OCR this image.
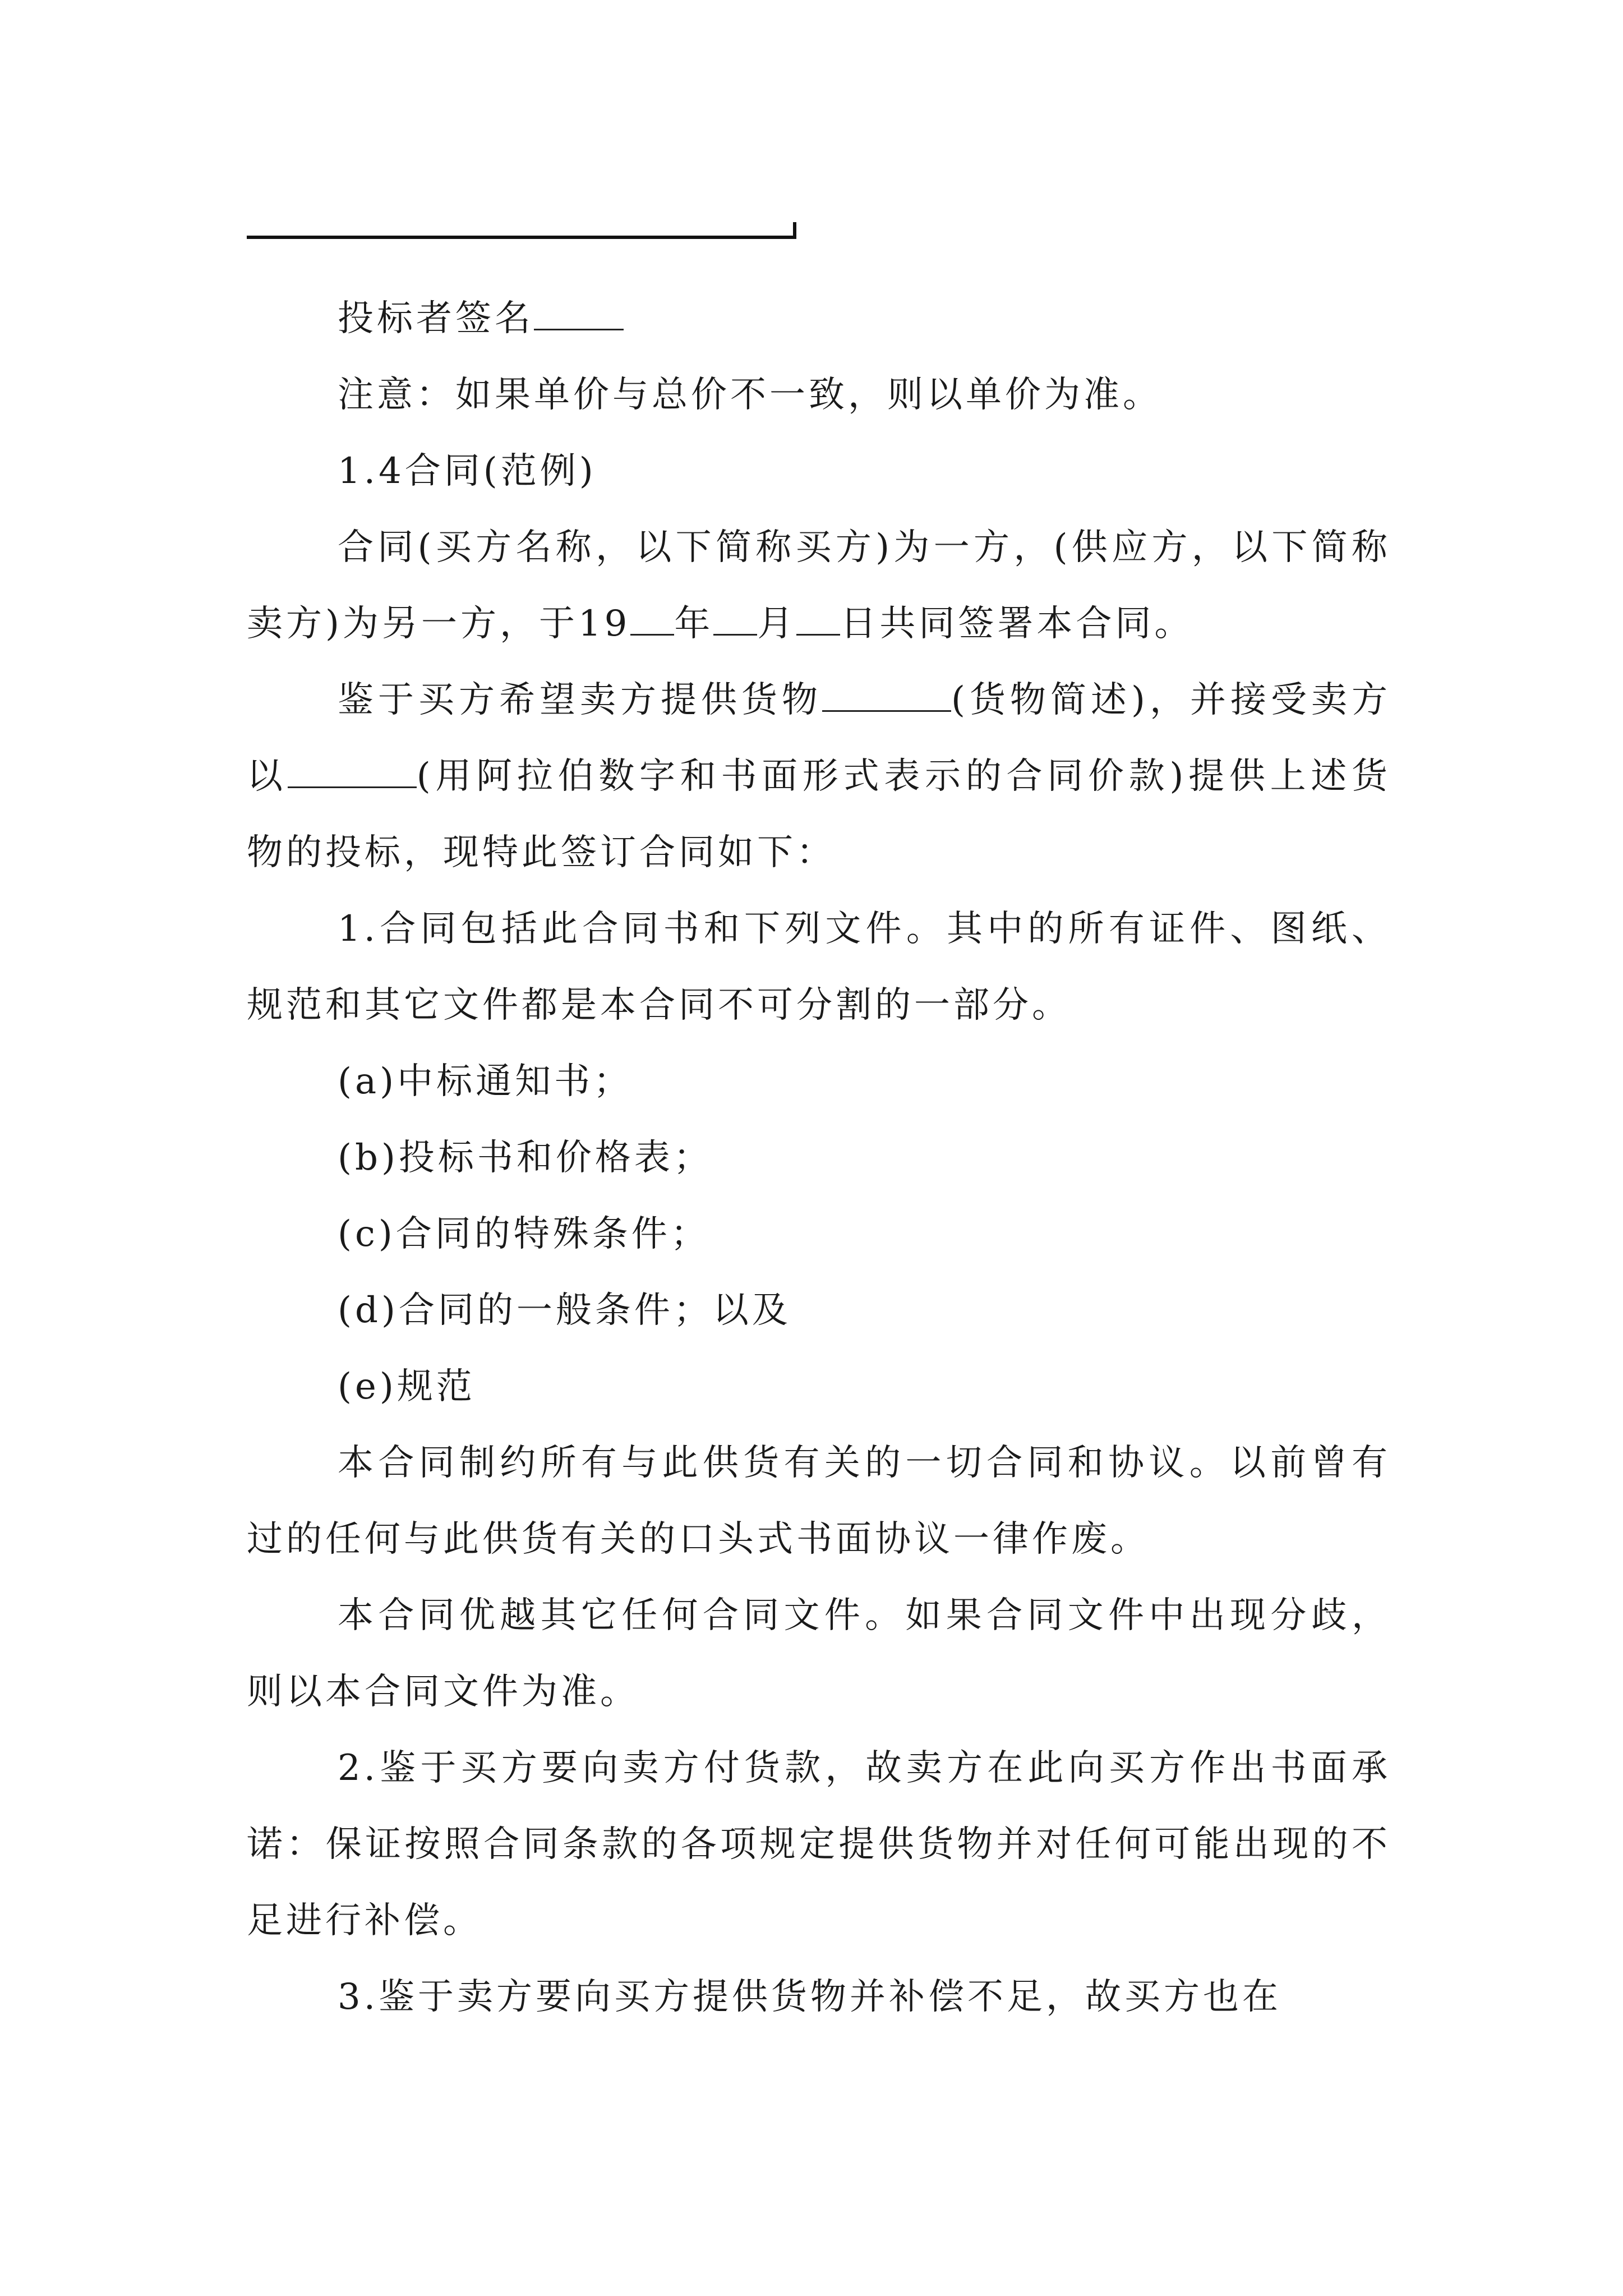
投标者签名

注意：如果单价与总价不一致，则以单价为准。

1.4合同(范例)

合同(买方名称，以下简称买方)为一方，(供应方，以下简称卖方)为另一方，于19 年 月 日共同签署本合同。

鉴于买方希望卖方提供货物	(货物简述)，并接受卖方以	(用阿拉伯数字和书面形式表示的合同价款)提供上述货物的投标，现特此签订合同如下：

1.合同包括此合同书和下列文件。其中的所有证件、图纸、规范和其它文件都是本合同不可分割的一部分。

(a)中标通知书；

(b)投标书和价格表；

(c)合同的特殊条件；

(d)合同的一般条件；以及

(e)规范

本合同制约所有与此供货有关的一切合同和协议。以前曾有过的任何与此供货有关的口头式书面协议一律作废。

本合同优越其它任何合同文件。如果合同文件中出现分歧，则以本合同文件为准。

2.鉴于买方要向卖方付货款，故卖方在此向买方作出书面承诺：保证按照合同条款的各项规定提供货物并对任何可能出现的不足进行补偿。

3.鉴于卖方要向买方提供货物并补偿不足，故买方也在
